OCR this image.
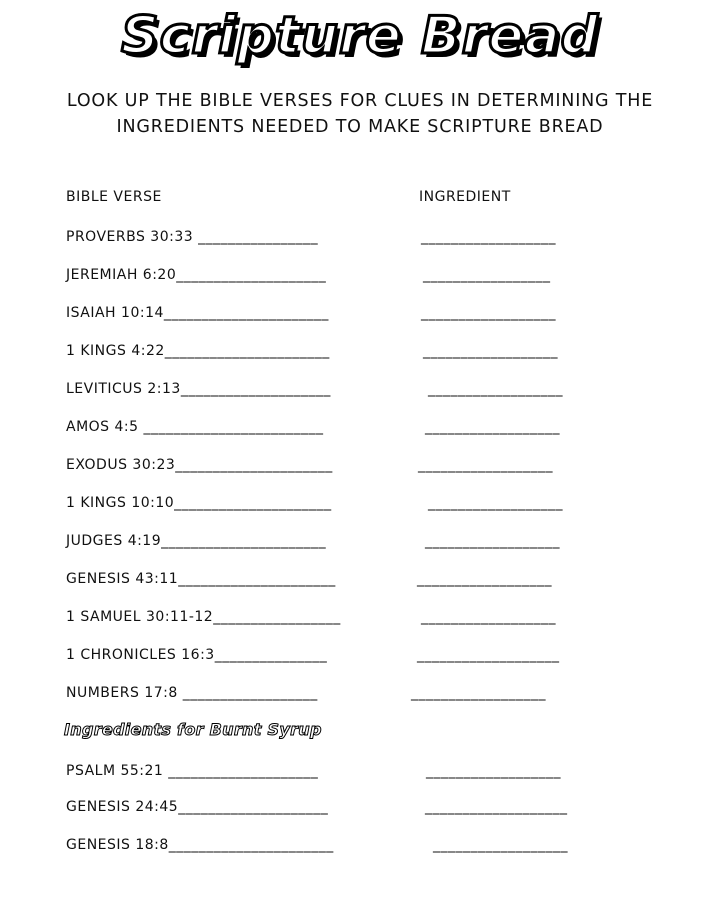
Scripture Bread
LOOK UP THE BIBLE VERSES FOR CLUES IN DETERMINING THE
INGREDIENTS NEEDED TO MAKE SCRIPTURE BREAD
BIBLE VERSE	INGREDIENT
PROVERBS 30:33 ________________	__________________
JEREMIAH 6:20____________________	_________________
ISAIAH 10:14______________________	__________________
1 KINGS 4:22______________________	__________________
LEVITICUS 2:13____________________	__________________
AMOS 4:5 ________________________	__________________
EXODUS 30:23_____________________	__________________
1 KINGS 10:10_____________________	__________________
JUDGES 4:19______________________	__________________
GENESIS 43:11_____________________	__________________
1 SAMUEL 30:11-12_________________	__________________
1 CHRONICLES 16:3_______________	___________________
NUMBERS 17:8 __________________	__________________
Ingredients for Burnt Syrup
PSALM 55:21 ____________________	__________________
GENESIS 24:45____________________	___________________
GENESIS 18:8______________________	__________________
